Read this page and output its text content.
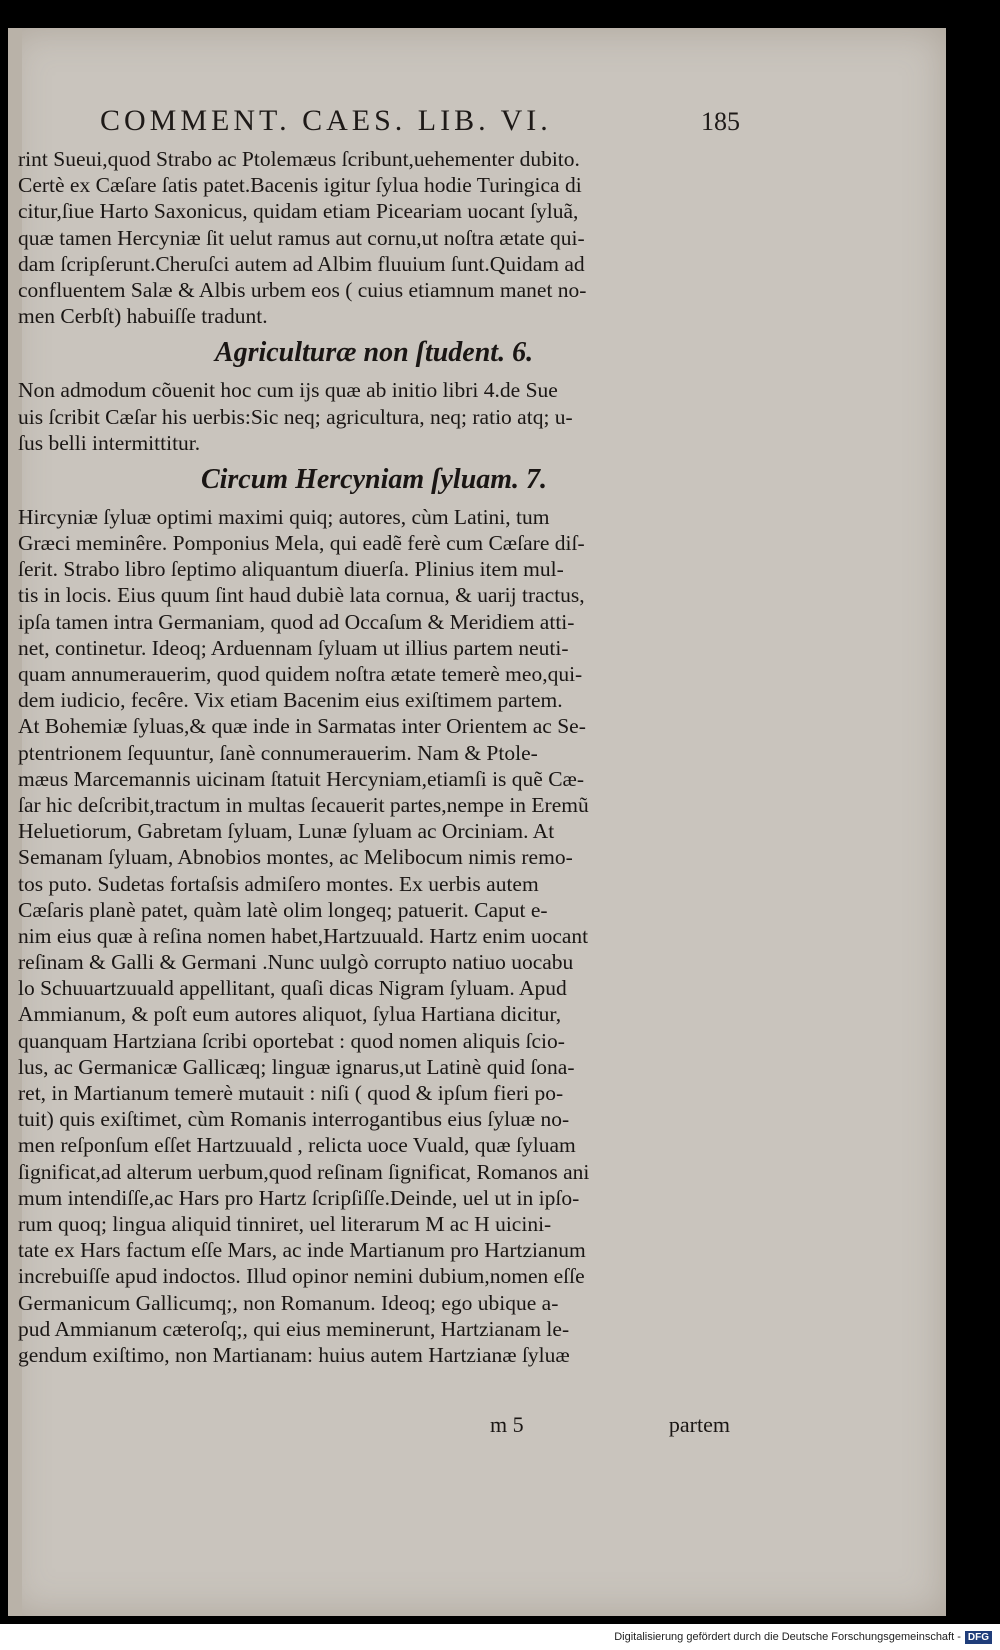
COMMENT. CAES. LIB. VI.	185
rint Sueui,quod Strabo ac Ptolemæus ſcribunt,uehementer dubito.
Certè ex Cæſare ſatis patet.Bacenis igitur ſylua hodie Turingica di
citur,ſiue Harto Saxonicus, quidam etiam Piceariam uocant ſyluã,
quæ tamen Hercyniæ ſit uelut ramus aut cornu,ut noſtra ætate qui-
dam ſcripſerunt.Cheruſci autem ad Albim fluuium ſunt.Quidam ad
confluentem Salæ & Albis urbem eos ( cuius etiamnum manet no-
men Cerbſt) habuiſſe tradunt.
Agriculturæ non ſtudent. 6.
Non admodum cõuenit hoc cum ijs quæ ab initio libri 4.de Sue
uis ſcribit Cæſar his uerbis:Sic neq; agricultura, neq; ratio atq; u-
ſus belli intermittitur.
Circum Hercyniam ſyluam. 7.
Hircyniæ ſyluæ optimi maximi quiq; autores, cùm Latini, tum
Græci meminêre. Pomponius Mela, qui eadẽ ferè cum Cæſare diſ-
ſerit. Strabo libro ſeptimo aliquantum diuerſa. Plinius item mul-
tis in locis. Eius quum ſint haud dubiè lata cornua, & uarij tractus,
ipſa tamen intra Germaniam, quod ad Occaſum & Meridiem atti-
net, continetur. Ideoq; Arduennam ſyluam ut illius partem neuti-
quam annumerauerim, quod quidem noſtra ætate temerè meo,qui-
dem iudicio, fecêre. Vix etiam Bacenim eius exiſtimem partem.
At Bohemiæ ſyluas,& quæ inde in Sarmatas inter Orientem ac Se-
ptentrionem ſequuntur, ſanè connumerauerim. Nam & Ptole-
mæus Marcemannis uicinam ſtatuit Hercyniam,etiamſi is quẽ Cæ-
ſar hic deſcribit,tractum in multas ſecauerit partes,nempe in Eremũ
Heluetiorum, Gabretam ſyluam, Lunæ ſyluam ac Orciniam. At
Semanam ſyluam, Abnobios montes, ac Melibocum nimis remo-
tos puto. Sudetas fortaſsis admiſero montes. Ex uerbis autem
Cæſaris planè patet, quàm latè olim longeq; patuerit. Caput e-
nim eius quæ à reſina nomen habet,Hartzuuald. Hartz enim uocant
reſinam & Galli & Germani .Nunc uulgò corrupto natiuo uocabu
lo Schuuartzuuald appellitant, quaſi dicas Nigram ſyluam. Apud
Ammianum, & poſt eum autores aliquot, ſylua Hartiana dicitur,
quanquam Hartziana ſcribi oportebat : quod nomen aliquis ſcio-
lus, ac Germanicæ Gallicæq; linguæ ignarus,ut Latinè quid ſona-
ret, in Martianum temerè mutauit : niſi ( quod & ipſum fieri po-
tuit) quis exiſtimet, cùm Romanis interrogantibus eius ſyluæ no-
men reſponſum eſſet Hartzuuald , relicta uoce Vuald, quæ ſyluam
ſignificat,ad alterum uerbum,quod reſinam ſignificat, Romanos ani
mum intendiſſe,ac Hars pro Hartz ſcripſiſſe.Deinde, uel ut in ipſo-
rum quoq; lingua aliquid tinniret, uel literarum M ac H uicini-
tate ex Hars factum eſſe Mars, ac inde Martianum pro Hartzianum
increbuiſſe apud indoctos. Illud opinor nemini dubium,nomen eſſe
Germanicum Gallicumq;, non Romanum. Ideoq; ego ubique a-
pud Ammianum cæteroſq;, qui eius meminerunt, Hartzianam le-
gendum exiſtimo, non Martianam: huius autem Hartzianæ ſyluæ
m 5	partem
Digitalisierung gefördert durch die Deutsche Forschungsgemeinschaft - DFG
